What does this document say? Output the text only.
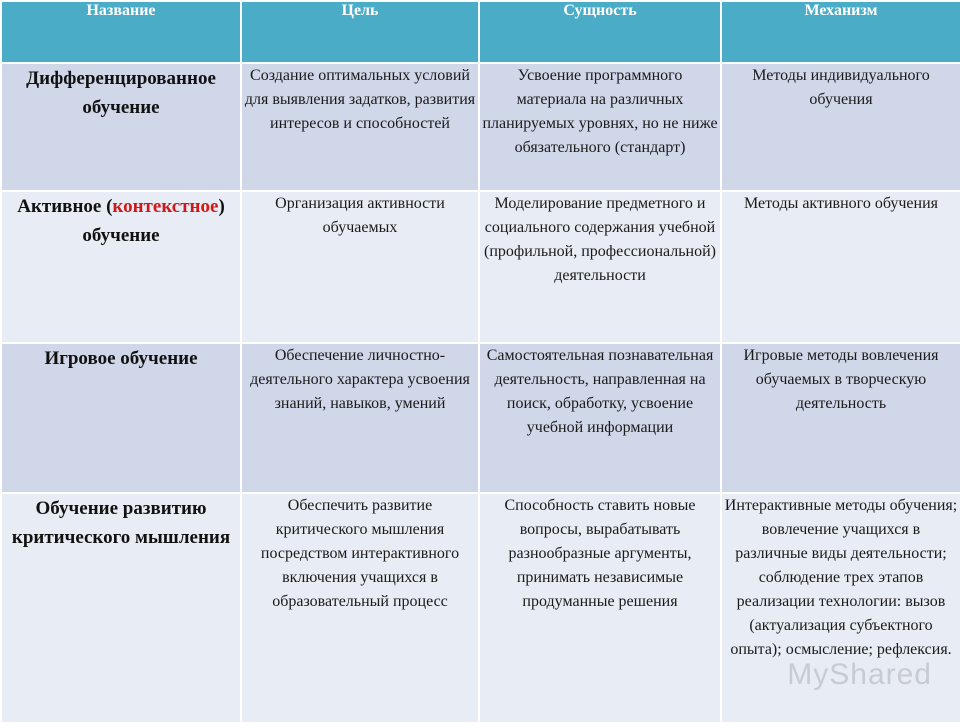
Название	Цель	Сущность	Механизм
Дифференцированное обучение	Создание оптимальных условий для выявления задатков, развития интересов и способностей	Усвоение программного материала на различных планируемых уровнях, но не ниже обязательного (стандарт)	Методы индивидуального обучения
Активное (контекстное) обучение	Организация активности обучаемых	Моделирование предметного и социального содержания учебной (профильной, профессиональной) деятельности	Методы активного обучения
Игровое обучение	Обеспечение личностно-деятельного характера усвоения знаний, навыков, умений	Самостоятельная познавательная деятельность, направленная на поиск, обработку, усвоение учебной информации	Игровые методы вовлечения обучаемых в творческую деятельность
Обучение развитию критического мышления	Обеспечить развитие критического мышления посредством интерактивного включения учащихся в образовательный процесс	Способность ставить новые вопросы, вырабатывать разнообразные аргументы, принимать независимые продуманные решения	Интерактивные методы обучения; вовлечение учащихся в различные виды деятельности; соблюдение трех этапов реализации технологии: вызов (актуализация субъектного опыта); осмысление; рефлексия.
MyShared
